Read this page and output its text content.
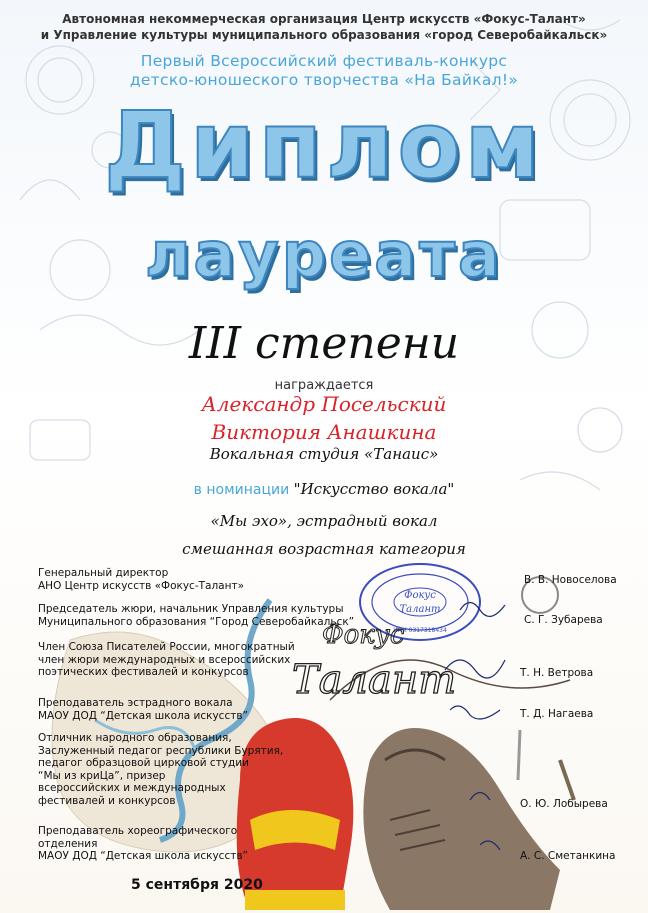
Автономная некоммерческая организация Центр искусств «Фокус-Талант»
и Управление культуры муниципального образования «город Северобайкальск»
Первый Всероссийский фестиваль-конкурс
детско-юношеского творчества «На Байкал!»
Диплом
лауреата
III степени
награждается
Александр Посельский
Виктория Анашкина
Вокальная студия «Танаис»
в номинации "Искусство вокала"
«Мы эхо», эстрадный вокал
смешанная возрастная категория
Фокус
Талант
ИНН 0317318434
Фокус
Талант
Генеральный директор
АНО Центр искусств «Фокус-Талант»	В. В. Новоселова
Председатель жюри, начальник Управления культуры
Муниципального образования “Город Северобайкальск”	С. Г. Зубарева
Член Союза Писателей России, многократный
член жюри международных и всероссийских
поэтических фестивалей и конкурсов	Т. Н. Ветрова
Преподаватель эстрадного вокала
МАОУ ДОД “Детская школа искусств”	Т. Д. Нагаева
Отличник народного образования,
Заслуженный педагог республики Бурятия,
педагог образцовой цирковой студии
“Мы из криЦа”, призер
всероссийских и международных
фестивалей и конкурсов	О. Ю. Лобырева
Преподаватель хореографического
отделения
МАОУ ДОД “Детская школа искусств”	А. С. Сметанкина
5 сентября 2020
